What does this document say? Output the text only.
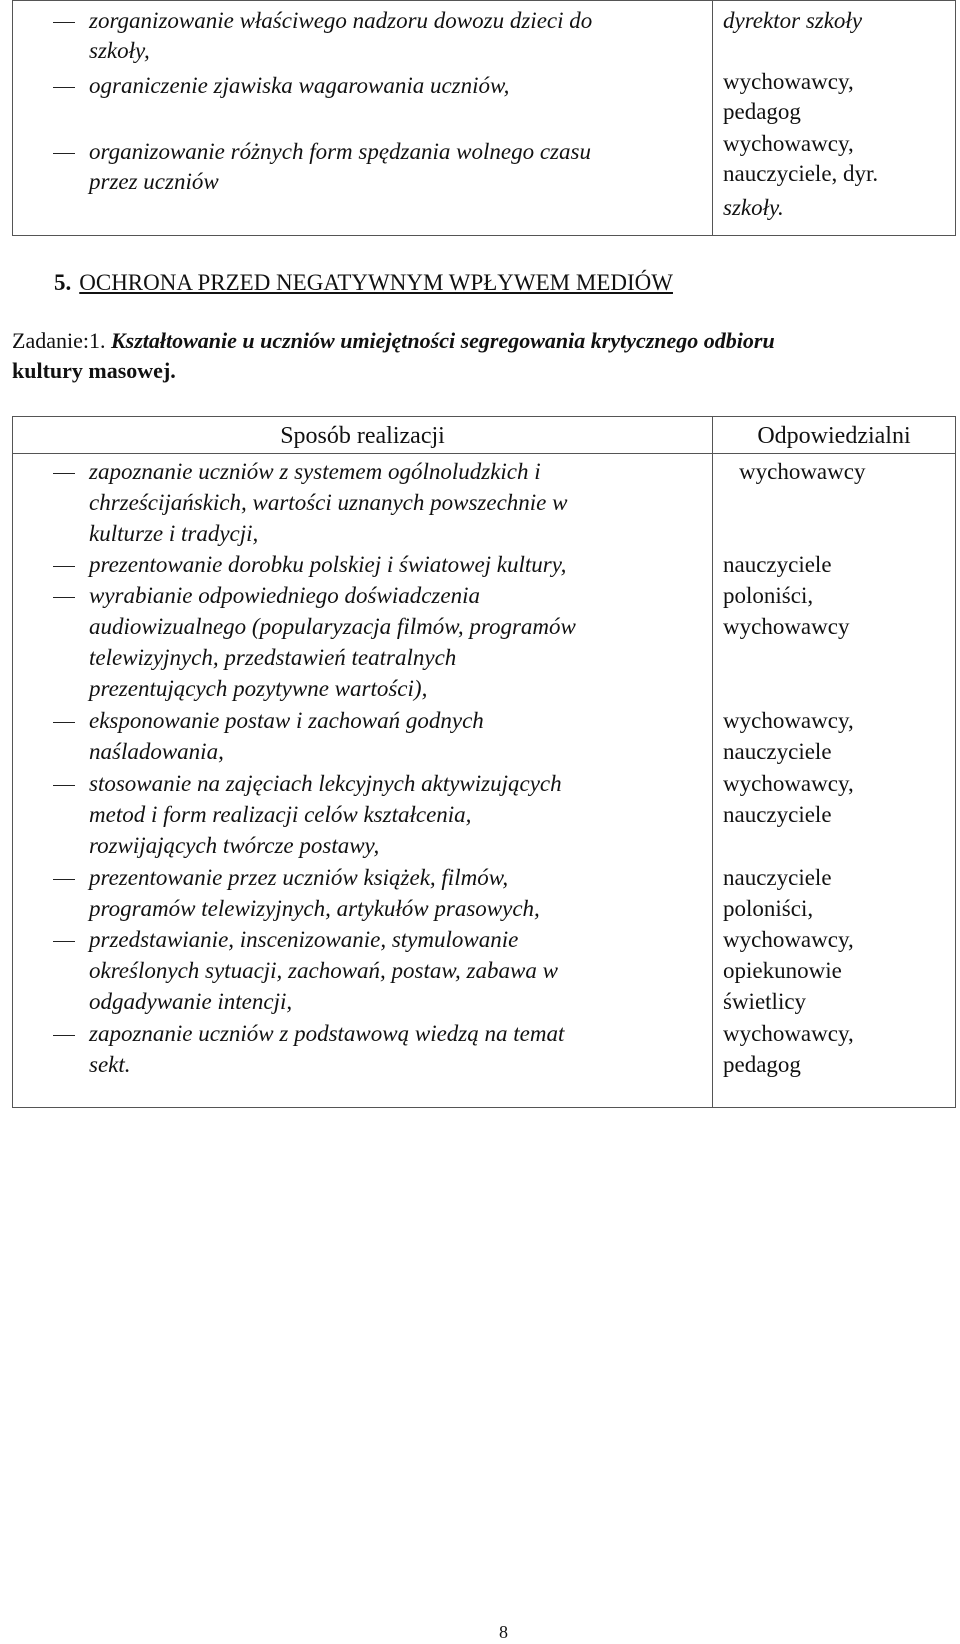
zorganizowanie właściwego nadzoru dowozu dzieci do
szkoły,
ograniczenie zjawiska wagarowania uczniów,
organizowanie różnych form spędzania wolnego czasu
przez uczniów
dyrektor szkoły
wychowawcy,
pedagog
wychowawcy,
nauczyciele, dyr.
szkoły.
5. OCHRONA PRZED NEGATYWNYM WPŁYWEM MEDIÓW
Zadanie:1. Kształtowanie u uczniów umiejętności segregowania krytycznego odbioru
kultury masowej.
Sposób realizacji
zapoznanie uczniów z systemem ogólnoludzkich i
chrześcijańskich, wartości uznanych powszechnie w
kulturze i tradycji,
prezentowanie dorobku polskiej i światowej kultury,
wyrabianie odpowiedniego doświadczenia
audiowizualnego (popularyzacja filmów, programów
telewizyjnych, przedstawień teatralnych
prezentujących pozytywne wartości),
eksponowanie postaw i zachowań godnych
naśladowania,
stosowanie na zajęciach lekcyjnych aktywizujących
metod i form realizacji celów kształcenia,
rozwijających twórcze postawy,
prezentowanie przez uczniów książek, filmów,
programów telewizyjnych, artykułów prasowych,
przedstawianie, inscenizowanie, stymulowanie
określonych sytuacji, zachowań, postaw, zabawa w
odgadywanie intencji,
zapoznanie uczniów z podstawową wiedzą na temat
sekt.
Odpowiedzialni
wychowawcy
nauczyciele
poloniści,
wychowawcy
wychowawcy,
nauczyciele
wychowawcy,
nauczyciele
nauczyciele
poloniści,
wychowawcy,
opiekunowie
świetlicy
wychowawcy,
pedagog
8
